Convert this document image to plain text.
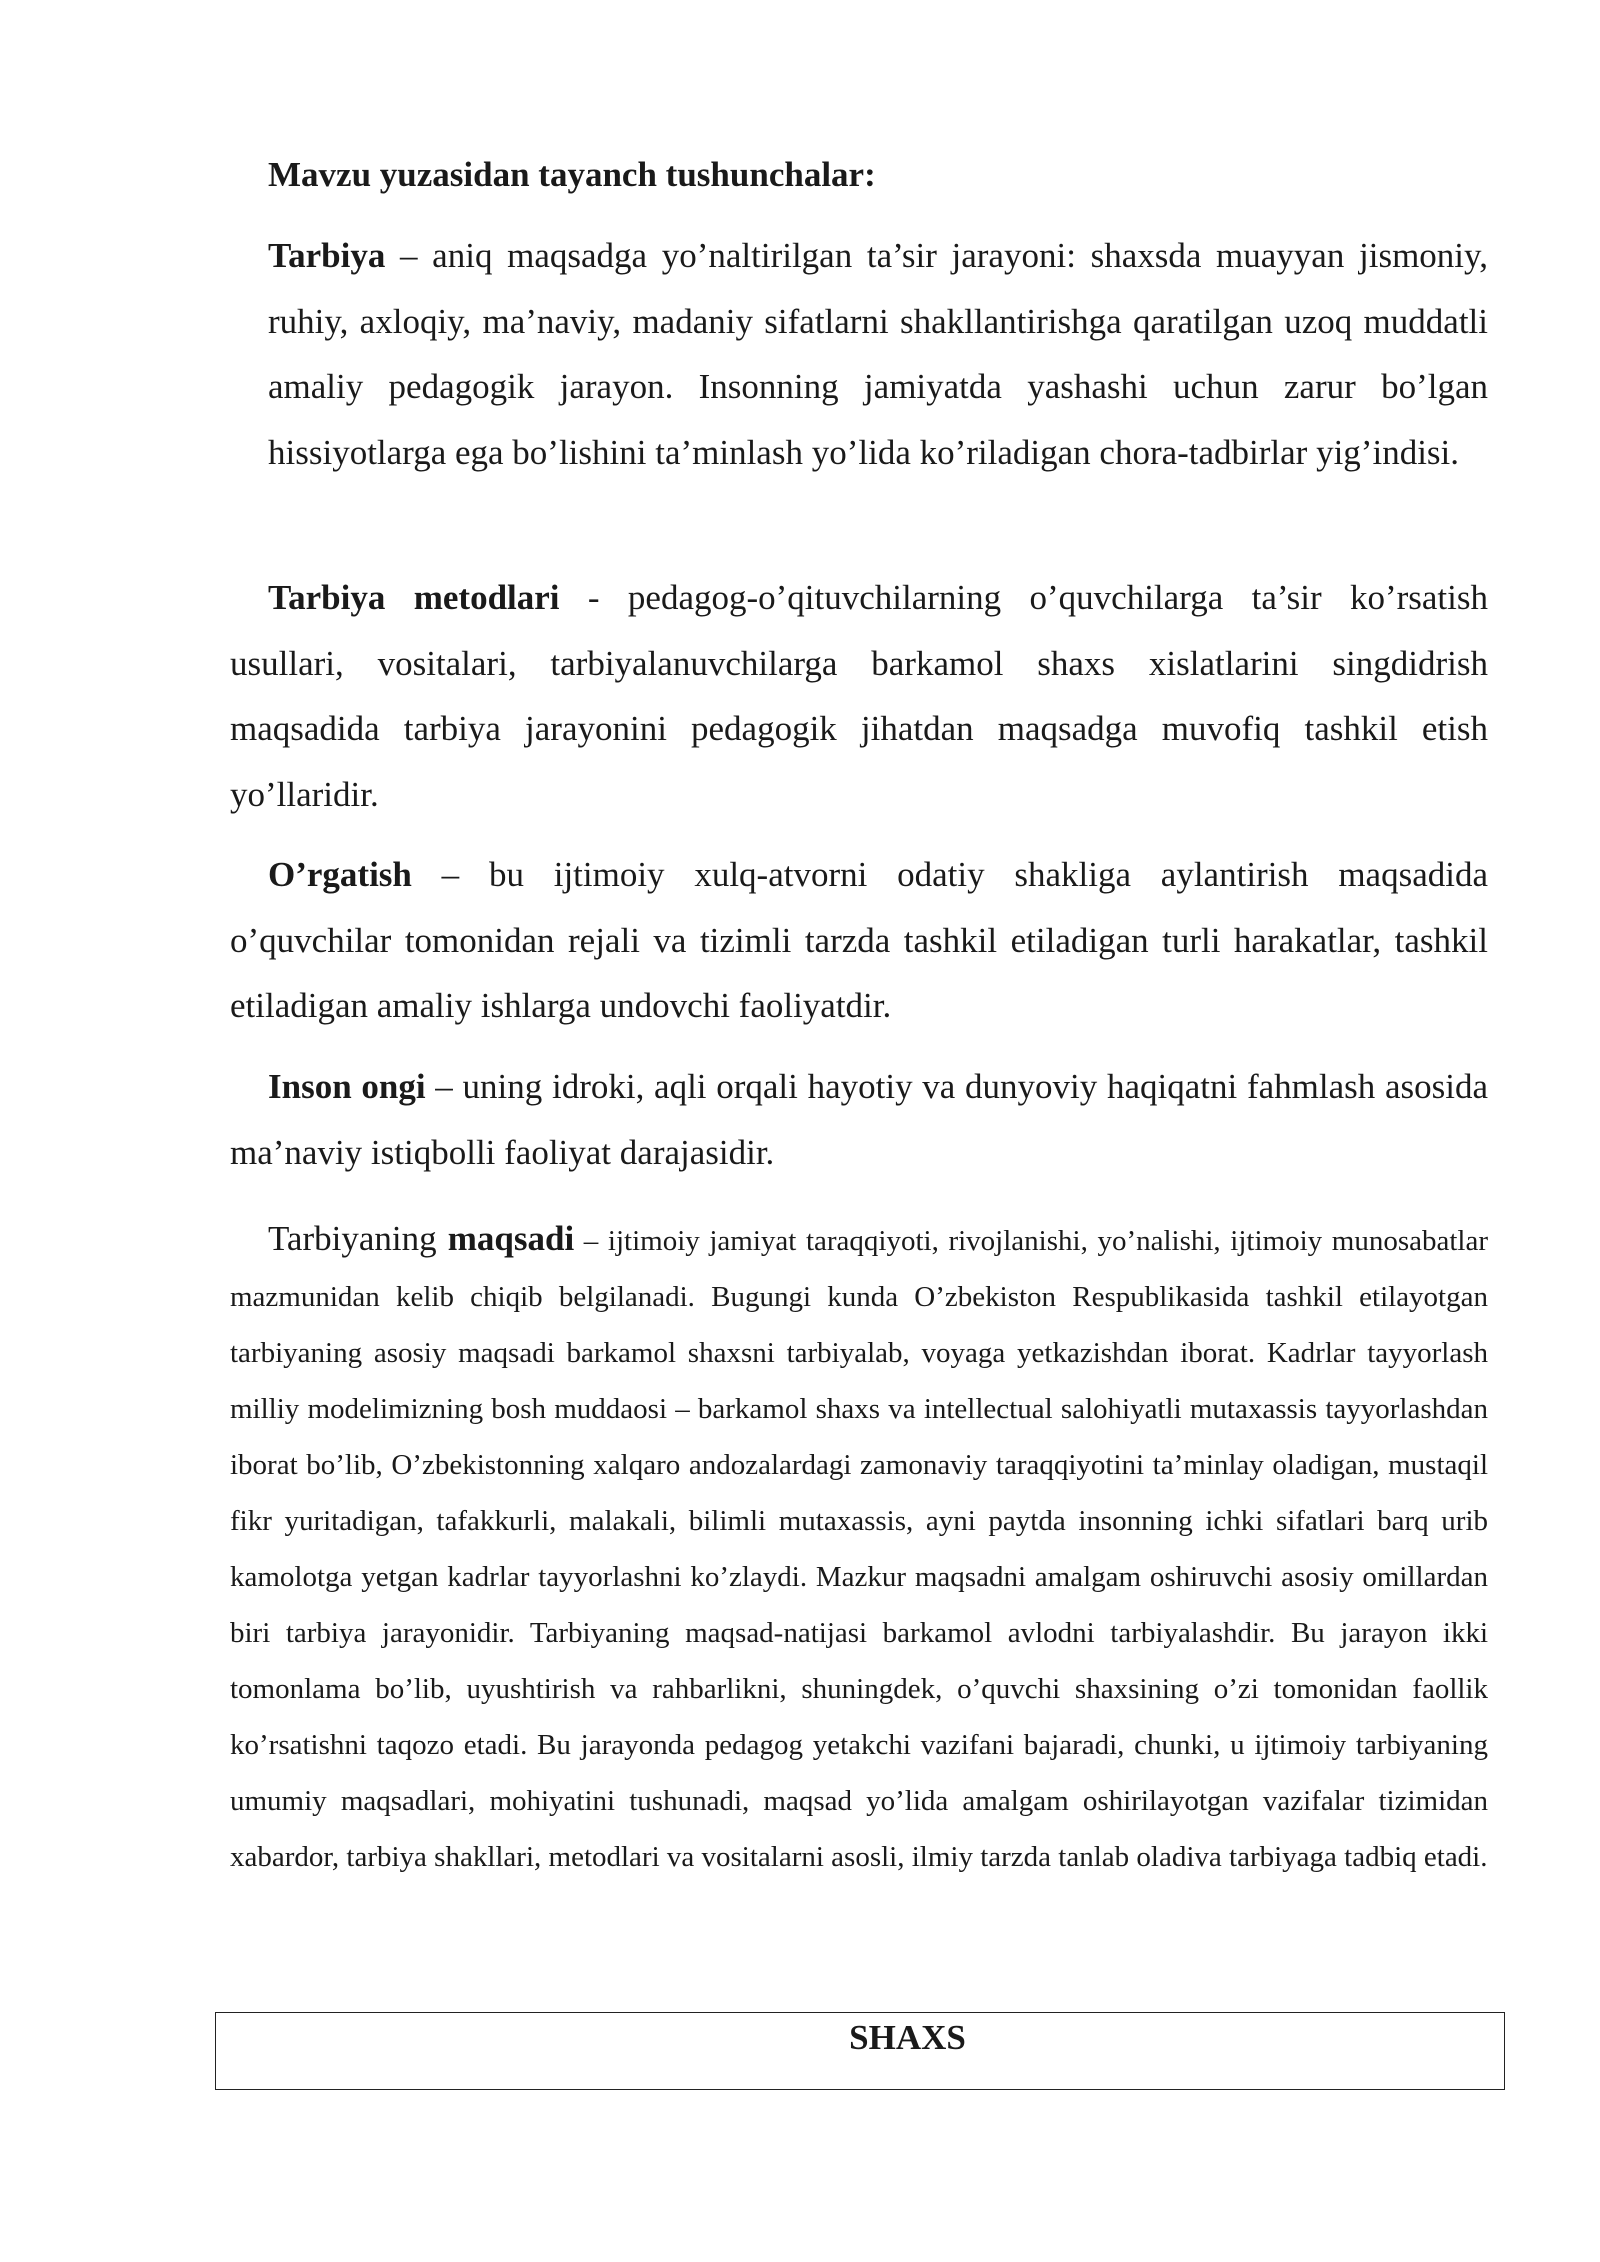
Mavzu yuzasidan tayanch tushunchalar:

Tarbiya – aniq maqsadga yo’naltirilgan ta’sir jarayoni: shaxsda muayyan jismoniy, ruhiy, axloqiy, ma’naviy, madaniy sifatlarni shakllantirishga qaratilgan uzoq muddatli amaliy pedagogik jarayon. Insonning jamiyatda yashashi uchun zarur bo’lgan hissiyotlarga ega bo’lishini ta’minlash yo’lida ko’riladigan chora-tadbirlar yig’indisi.

Tarbiya metodlari - pedagog-o’qituvchilarning o’quvchilarga ta’sir ko’rsatish usullari, vositalari, tarbiyalanuvchilarga barkamol shaxs xislatlarini singdidrish maqsadida tarbiya jarayonini pedagogik jihatdan maqsadga muvofiq tashkil etish yo’llaridir.

O’rgatish – bu ijtimoiy xulq-atvorni odatiy shakliga aylantirish maqsadida o’quvchilar tomonidan rejali va tizimli tarzda tashkil etiladigan turli harakatlar, tashkil etiladigan amaliy ishlarga undovchi faoliyatdir.

Inson ongi – uning idroki, aqli orqali hayotiy va dunyoviy haqiqatni fahmlash asosida ma’naviy istiqbolli faoliyat darajasidir.

Tarbiyaning maqsadi – ijtimoiy jamiyat taraqqiyoti, rivojlanishi, yo’nalishi, ijtimoiy munosabatlar mazmunidan kelib chiqib belgilanadi. Bugungi kunda O’zbekiston Respublikasida tashkil etilayotgan tarbiyaning asosiy maqsadi barkamol shaxsni tarbiyalab, voyaga yetkazishdan iborat. Kadrlar tayyorlash milliy modelimizning bosh muddaosi – barkamol shaxs va intellectual salohiyatli mutaxassis tayyorlashdan iborat bo’lib, O’zbekistonning xalqaro andozalardagi zamonaviy taraqqiyotini ta’minlay oladigan, mustaqil fikr yuritadigan, tafakkurli, malakali, bilimli mutaxassis, ayni paytda insonning ichki sifatlari barq urib kamolotga yetgan kadrlar tayyorlashni ko’zlaydi. Mazkur maqsadni amalgam oshiruvchi asosiy omillardan biri tarbiya jarayonidir. Tarbiyaning maqsad-natijasi barkamol avlodni tarbiyalashdir. Bu jarayon ikki tomonlama bo’lib, uyushtirish va rahbarlikni, shuningdek, o’quvchi shaxsining o’zi tomonidan faollik ko’rsatishni taqozo etadi. Bu jarayonda pedagog yetakchi vazifani bajaradi, chunki, u ijtimoiy tarbiyaning umumiy maqsadlari, mohiyatini tushunadi, maqsad yo’lida amalgam oshirilayotgan vazifalar tizimidan xabardor, tarbiya shakllari, metodlari va vositalarni asosli, ilmiy tarzda tanlab oladiva tarbiyaga tadbiq etadi.

SHAXS
